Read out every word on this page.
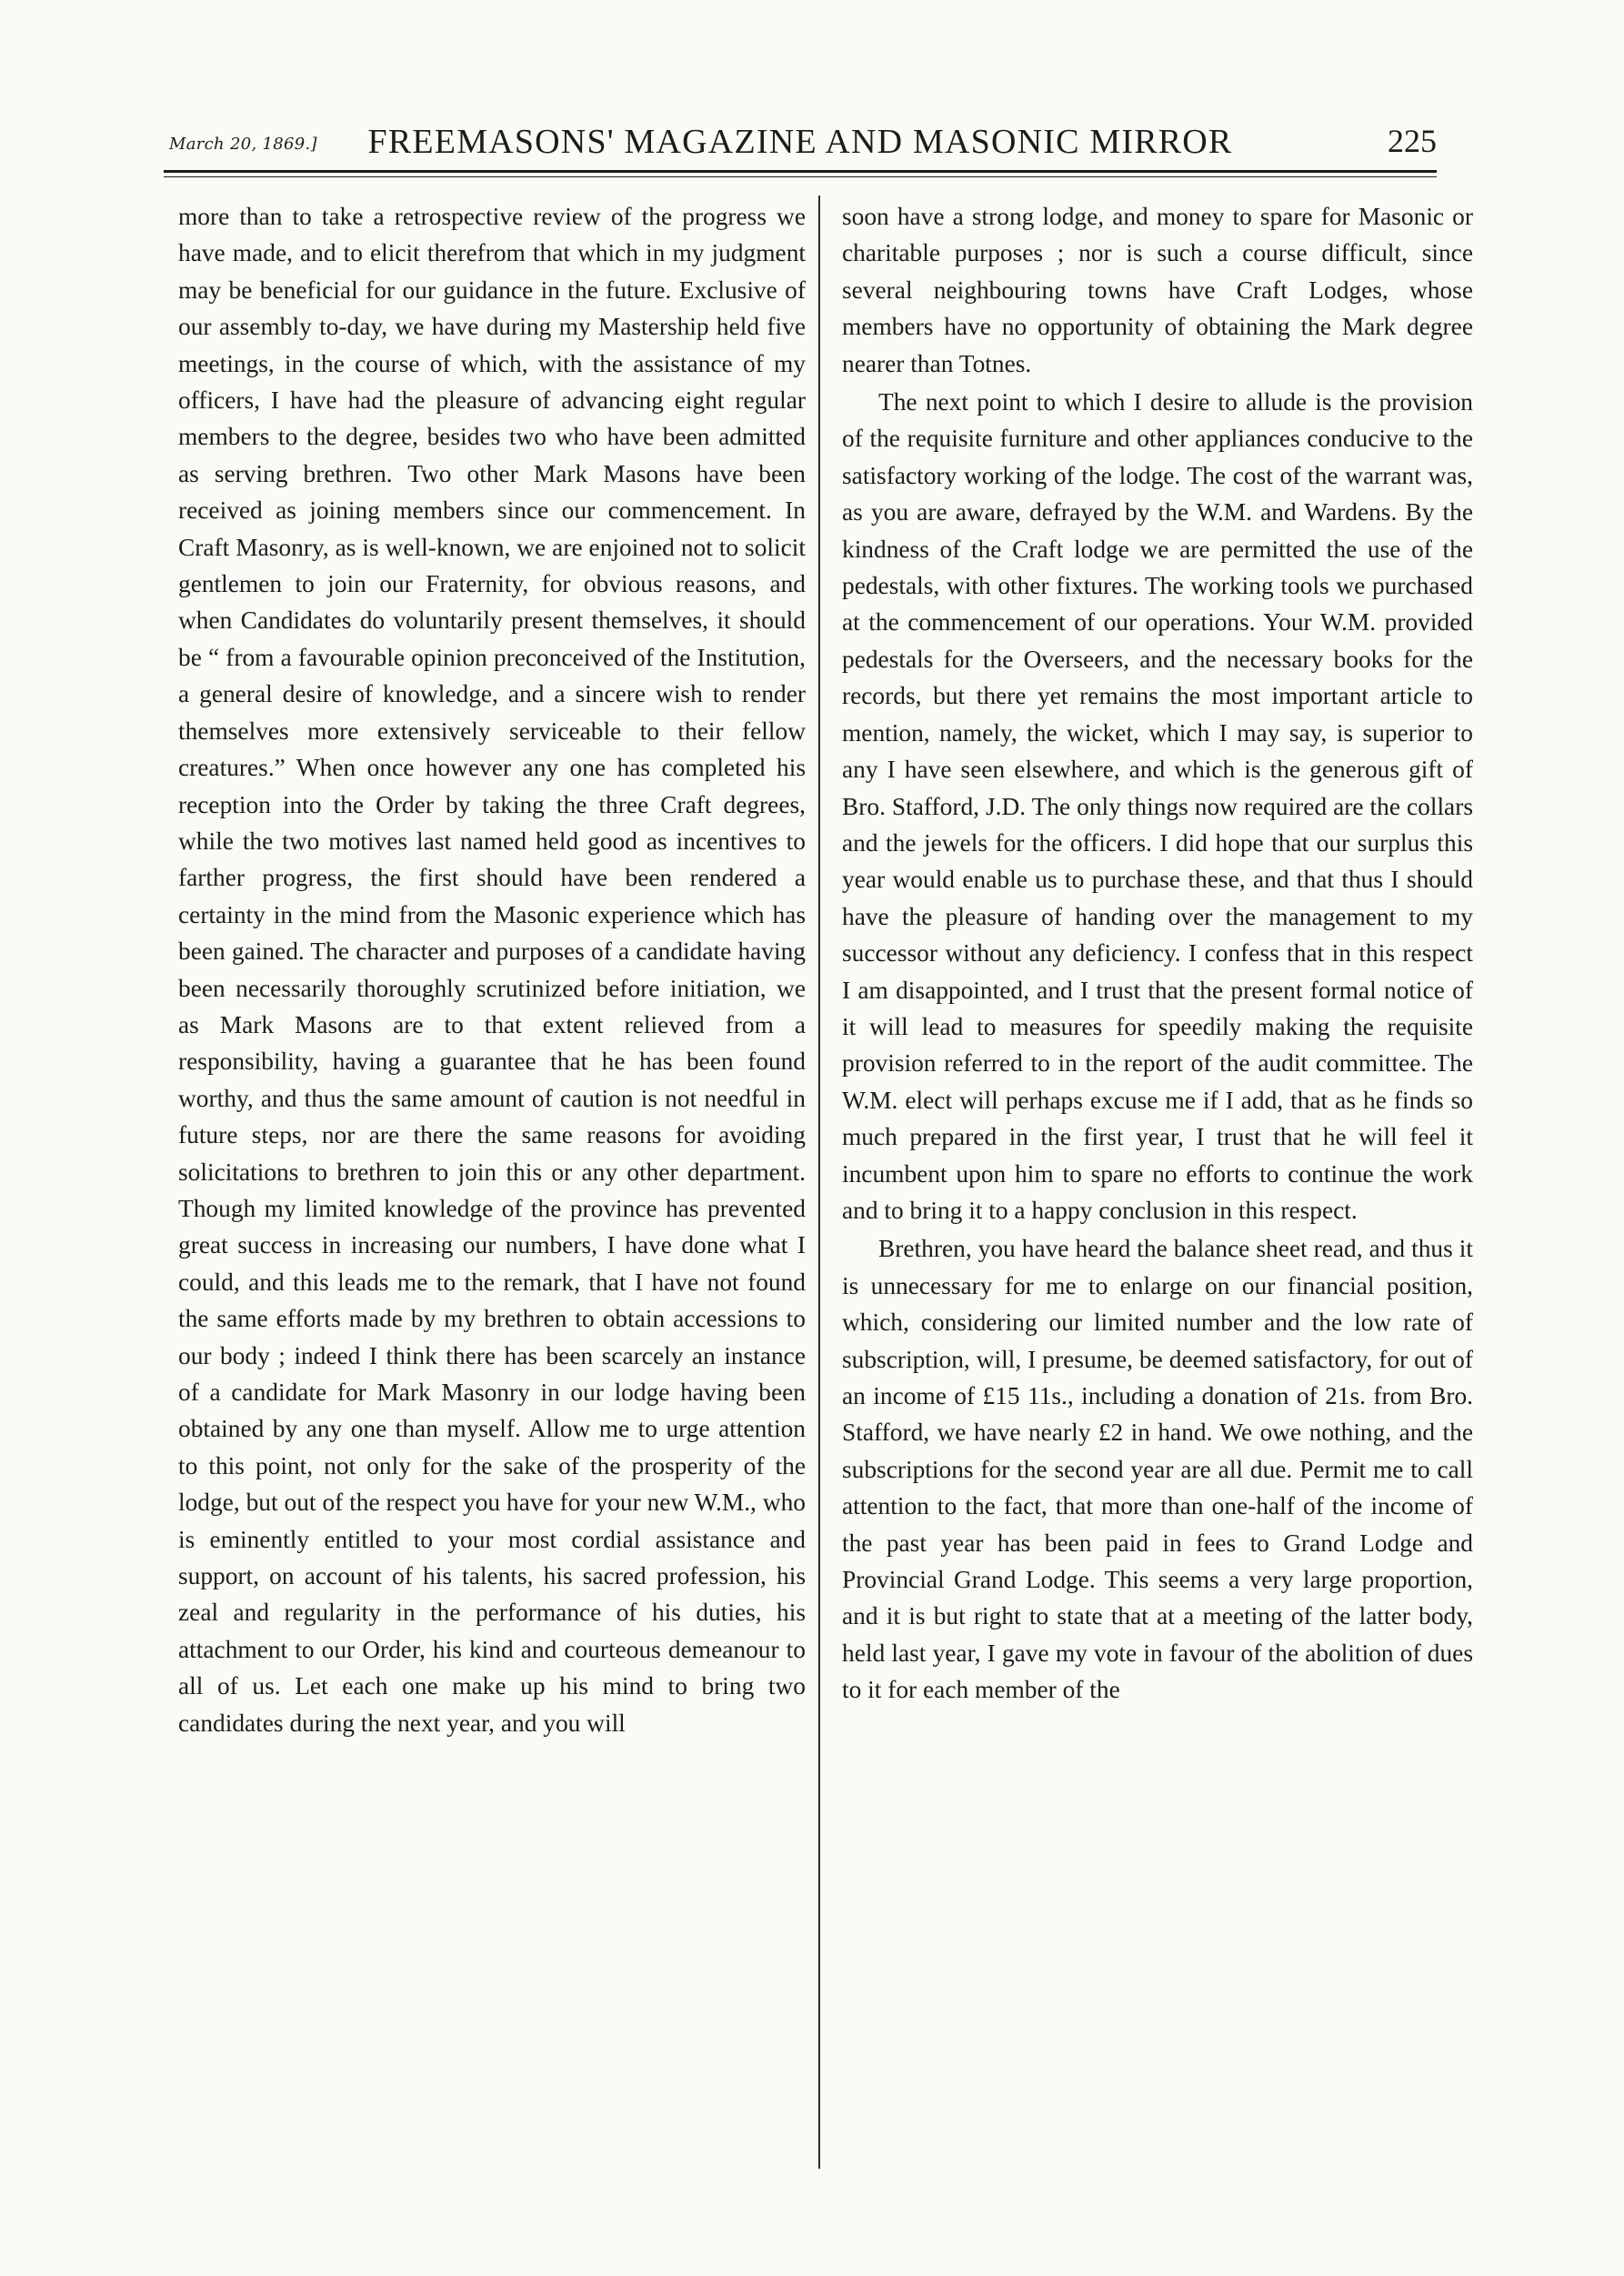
March 20, 1869.]	FREEMASONS' MAGAZINE AND MASONIC MIRROR	225

more than to take a retrospective review of the progress we have made, and to elicit therefrom that which in my judgment may be beneficial for our guidance in the future. Exclusive of our assembly to-day, we have during my Mastership held five meetings, in the course of which, with the assistance of my officers, I have had the pleasure of advancing eight regular members to the degree, besides two who have been admitted as serving brethren. Two other Mark Masons have been received as joining members since our commencement. In Craft Masonry, as is well-known, we are enjoined not to solicit gentlemen to join our Fraternity, for obvious reasons, and when Candidates do voluntarily present themselves, it should be “ from a favourable opinion preconceived of the Institution, a general desire of knowledge, and a sincere wish to render themselves more extensively serviceable to their fellow creatures.” When once however any one has completed his reception into the Order by taking the three Craft degrees, while the two motives last named held good as incentives to farther progress, the first should have been rendered a certainty in the mind from the Masonic experience which has been gained. The character and purposes of a candidate having been necessarily thoroughly scrutinized before initiation, we as Mark Masons are to that extent relieved from a responsibility, having a guarantee that he has been found worthy, and thus the same amount of caution is not needful in future steps, nor are there the same reasons for avoiding solicitations to brethren to join this or any other department. Though my limited knowledge of the province has prevented great success in increasing our numbers, I have done what I could, and this leads me to the remark, that I have not found the same efforts made by my brethren to obtain accessions to our body ; indeed I think there has been scarcely an instance of a candidate for Mark Masonry in our lodge having been obtained by any one than myself. Allow me to urge attention to this point, not only for the sake of the prosperity of the lodge, but out of the respect you have for your new W.M., who is eminently entitled to your most cordial assistance and support, on account of his talents, his sacred profession, his zeal and regularity in the performance of his duties, his attachment to our Order, his kind and courteous demeanour to all of us. Let each one make up his mind to bring two candidates during the next year, and you will

soon have a strong lodge, and money to spare for Masonic or charitable purposes ; nor is such a course difficult, since several neighbouring towns have Craft Lodges, whose members have no opportunity of obtaining the Mark degree nearer than Totnes.

The next point to which I desire to allude is the provision of the requisite furniture and other appliances conducive to the satisfactory working of the lodge. The cost of the warrant was, as you are aware, defrayed by the W.M. and Wardens. By the kindness of the Craft lodge we are permitted the use of the pedestals, with other fixtures. The working tools we purchased at the commencement of our operations. Your W.M. provided pedestals for the Overseers, and the necessary books for the records, but there yet remains the most important article to mention, namely, the wicket, which I may say, is superior to any I have seen elsewhere, and which is the generous gift of Bro. Stafford, J.D. The only things now required are the collars and the jewels for the officers. I did hope that our surplus this year would enable us to purchase these, and that thus I should have the pleasure of handing over the management to my successor without any deficiency. I confess that in this respect I am disappointed, and I trust that the present formal notice of it will lead to measures for speedily making the requisite provision referred to in the report of the audit committee. The W.M. elect will perhaps excuse me if I add, that as he finds so much prepared in the first year, I trust that he will feel it incumbent upon him to spare no efforts to continue the work and to bring it to a happy conclusion in this respect.

Brethren, you have heard the balance sheet read, and thus it is unnecessary for me to enlarge on our financial position, which, considering our limited number and the low rate of subscription, will, I presume, be deemed satisfactory, for out of an income of £15 11s., including a donation of 21s. from Bro. Stafford, we have nearly £2 in hand. We owe nothing, and the subscriptions for the second year are all due. Permit me to call attention to the fact, that more than one-half of the income of the past year has been paid in fees to Grand Lodge and Provincial Grand Lodge. This seems a very large proportion, and it is but right to state that at a meeting of the latter body, held last year, I gave my vote in favour of the abolition of dues to it for each member of the
